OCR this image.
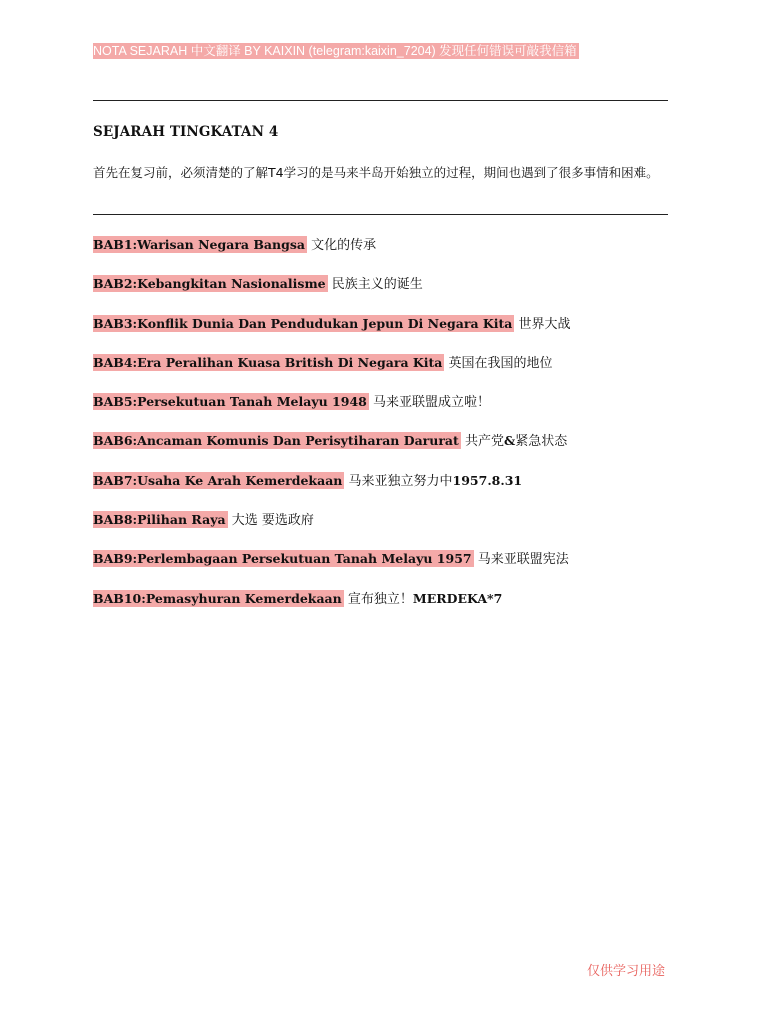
NOTA SEJARAH 中文翻译 BY KAIXIN (telegram:kaixin_7204) 发现任何错误可敲我信箱
SEJARAH TINGKATAN 4
首先在复习前，必须清楚的了解T4学习的是马来半岛开始独立的过程，期间也遇到了很多事情和困难。
BAB1:Warisan Negara Bangsa 文化的传承
BAB2:Kebangkitan Nasionalisme 民族主义的诞生
BAB3:Konflik Dunia Dan Pendudukan Jepun Di Negara Kita 世界大战
BAB4:Era Peralihan Kuasa British Di Negara Kita 英国在我国的地位
BAB5:Persekutuan Tanah Melayu 1948 马来亚联盟成立啦！
BAB6:Ancaman Komunis Dan Perisytiharan Darurat 共产党&紧急状态
BAB7:Usaha Ke Arah Kemerdekaan 马来亚独立努力中1957.8.31
BAB8:Pilihan Raya 大选 要选政府
BAB9:Perlembagaan Persekutuan Tanah Melayu 1957 马来亚联盟宪法
BAB10:Pemasyhuran Kemerdekaan 宣布独立！MERDEKA*7
仅供学习用途
